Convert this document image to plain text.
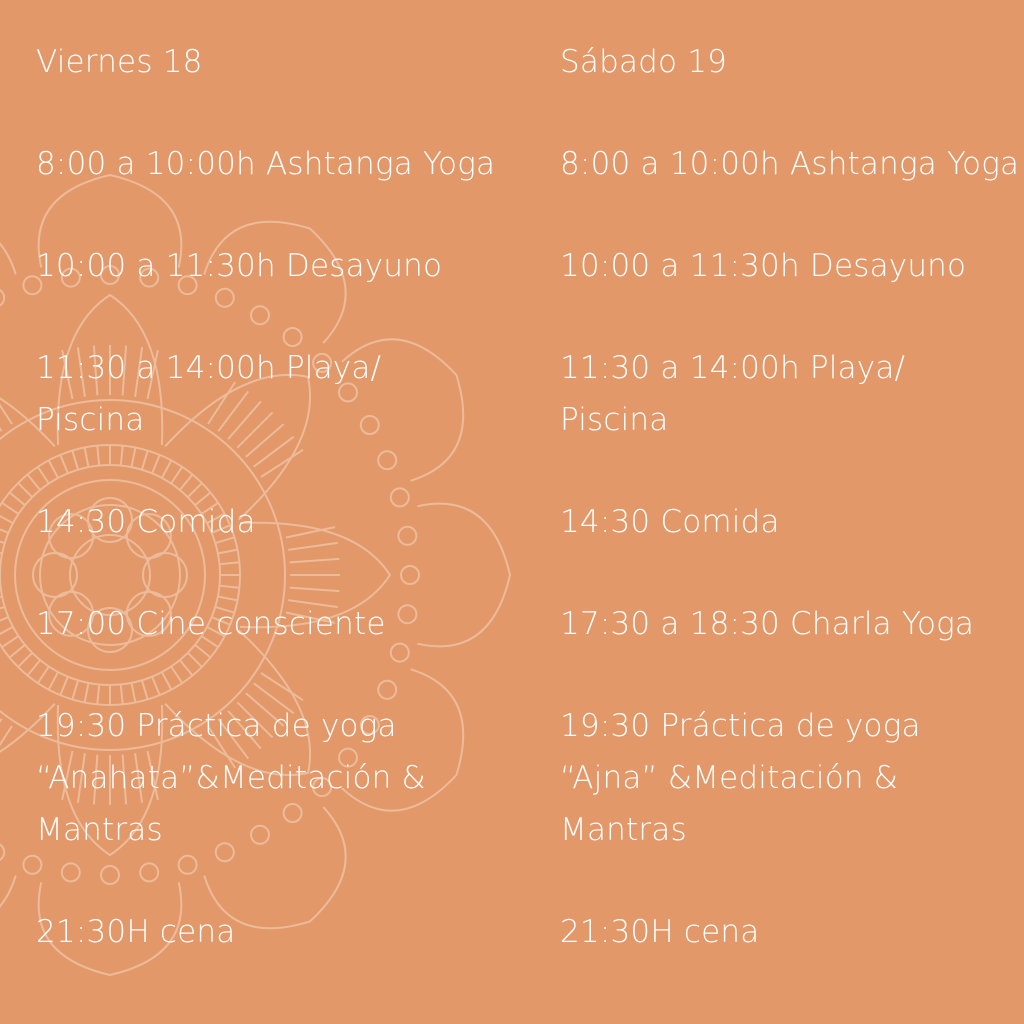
Viernes 18
8:00 a 10:00h Ashtanga Yoga
10:00 a 11:30h Desayuno
11:30 a 14:00h Playa/ Piscina
14:30 Comida
17:00 Cine consciente
19:30 Práctica de yoga “Anahata”&Meditación & Mantras
21:30H cena
Sábado 19
8:00 a 10:00h Ashtanga Yoga
10:00 a 11:30h Desayuno
11:30 a 14:00h Playa/ Piscina
14:30 Comida
17:30 a 18:30 Charla Yoga
19:30 Práctica de yoga “Ajna” &Meditación & Mantras
21:30H cena
